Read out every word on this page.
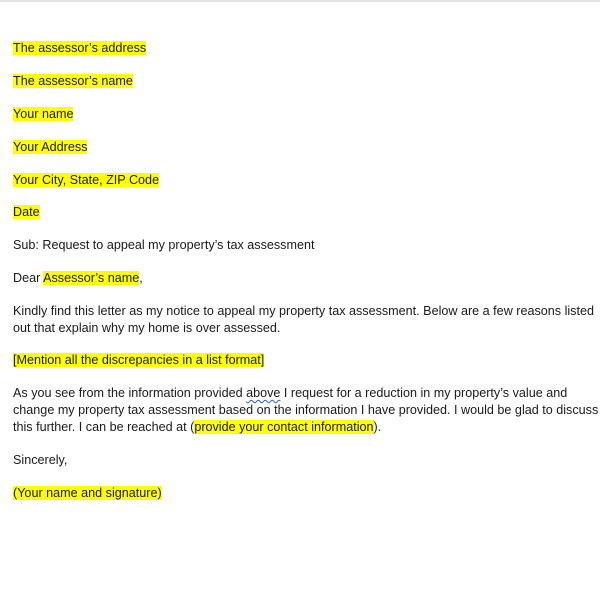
The assessor’s address
The assessor’s name
Your name
Your Address
Your City, State, ZIP Code
Date
Sub: Request to appeal my property’s tax assessment
Dear Assessor’s name,
Kindly find this letter as my notice to appeal my property tax assessment. Below are a few reasons listed
out that explain why my home is over assessed.
[Mention all the discrepancies in a list format]
As you see from the information provided above I request for a reduction in my property’s value and
change my property tax assessment based on the information I have provided. I would be glad to discuss
this further. I can be reached at (provide your contact information).
Sincerely,
(Your name and signature)
